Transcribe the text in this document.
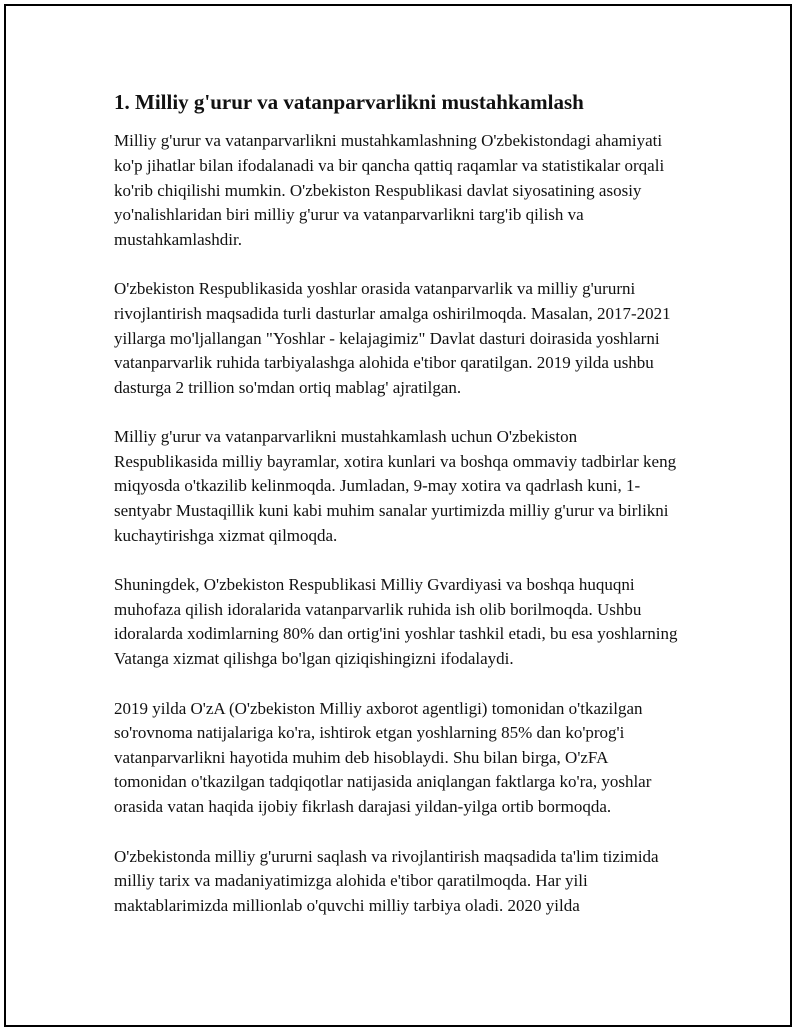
1. Milliy g'urur va vatanparvarlikni mustahkamlash

Milliy g'urur va vatanparvarlikni mustahkamlashning O'zbekistondagi ahamiyati ko'p jihatlar bilan ifodalanadi va bir qancha qattiq raqamlar va statistikalar orqali ko'rib chiqilishi mumkin. O'zbekiston Respublikasi davlat siyosatining asosiy yo'nalishlaridan biri milliy g'urur va vatanparvarlikni targ'ib qilish va mustahkamlashdir.

O'zbekiston Respublikasida yoshlar orasida vatanparvarlik va milliy g'ururni rivojlantirish maqsadida turli dasturlar amalga oshirilmoqda. Masalan, 2017-2021 yillarga mo'ljallangan "Yoshlar - kelajagimiz" Davlat dasturi doirasida yoshlarni vatanparvarlik ruhida tarbiyalashga alohida e'tibor qaratilgan. 2019 yilda ushbu dasturga 2 trillion so'mdan ortiq mablag' ajratilgan.

Milliy g'urur va vatanparvarlikni mustahkamlash uchun O'zbekiston Respublikasida milliy bayramlar, xotira kunlari va boshqa ommaviy tadbirlar keng miqyosda o'tkazilib kelinmoqda. Jumladan, 9-may xotira va qadrlash kuni, 1-sentyabr Mustaqillik kuni kabi muhim sanalar yurtimizda milliy g'urur va birlikni kuchaytirishga xizmat qilmoqda.

Shuningdek, O'zbekiston Respublikasi Milliy Gvardiyasi va boshqa huquqni muhofaza qilish idoralarida vatanparvarlik ruhida ish olib borilmoqda. Ushbu idoralarda xodimlarning 80% dan ortig'ini yoshlar tashkil etadi, bu esa yoshlarning Vatanga xizmat qilishga bo'lgan qiziqishingizni ifodalaydi.

2019 yilda O'zA (O'zbekiston Milliy axborot agentligi) tomonidan o'tkazilgan so'rovnoma natijalariga ko'ra, ishtirok etgan yoshlarning 85% dan ko'prog'i vatanparvarlikni hayotida muhim deb hisoblaydi. Shu bilan birga, O'zFA tomonidan o'tkazilgan tadqiqotlar natijasida aniqlangan faktlarga ko'ra, yoshlar orasida vatan haqida ijobiy fikrlash darajasi yildan-yilga ortib bormoqda.

O'zbekistonda milliy g'ururni saqlash va rivojlantirish maqsadida ta'lim tizimida milliy tarix va madaniyatimizga alohida e'tibor qaratilmoqda. Har yili maktablarimizda millionlab o'quvchi milliy tarbiya oladi. 2020 yilda
